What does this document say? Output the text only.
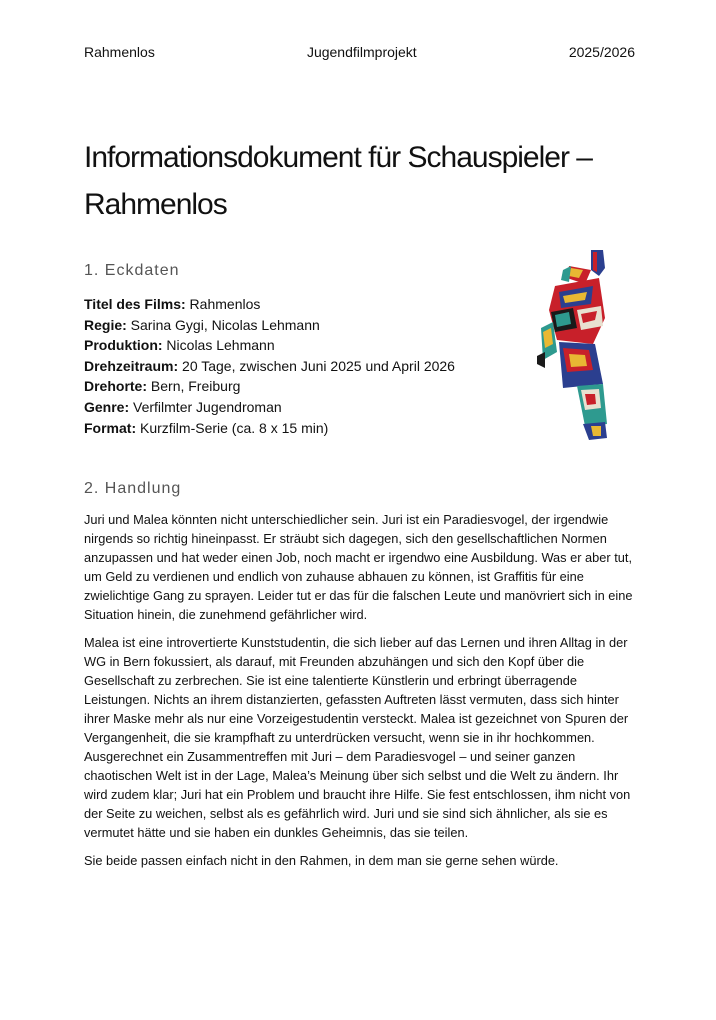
Rahmenlos	Jugendfilmprojekt	2025/2026
Informationsdokument für Schauspieler – Rahmenlos
1. Eckdaten
Titel des Films: Rahmenlos
Regie: Sarina Gygi, Nicolas Lehmann
Produktion: Nicolas Lehmann
Drehzeitraum: 20 Tage, zwischen Juni 2025 und April 2026
Drehorte: Bern, Freiburg
Genre: Verfilmter Jugendroman
Format: Kurzfilm-Serie (ca. 8 x 15 min)
2. Handlung

Juri und Malea könnten nicht unterschiedlicher sein. Juri ist ein Paradiesvogel, der irgendwie nirgends so richtig hineinpasst. Er sträubt sich dagegen, sich den gesellschaftlichen Normen anzupassen und hat weder einen Job, noch macht er irgendwo eine Ausbildung. Was er aber tut, um Geld zu verdienen und endlich von zuhause abhauen zu können, ist Graffitis für eine zwielichtige Gang zu sprayen. Leider tut er das für die falschen Leute und manövriert sich in eine Situation hinein, die zunehmend gefährlicher wird.

Malea ist eine introvertierte Kunststudentin, die sich lieber auf das Lernen und ihren Alltag in der WG in Bern fokussiert, als darauf, mit Freunden abzuhängen und sich den Kopf über die Gesellschaft zu zerbrechen. Sie ist eine talentierte Künstlerin und erbringt überragende Leistungen. Nichts an ihrem distanzierten, gefassten Auftreten lässt vermuten, dass sich hinter ihrer Maske mehr als nur eine Vorzeigestudentin versteckt. Malea ist gezeichnet von Spuren der Vergangenheit, die sie krampfhaft zu unterdrücken versucht, wenn sie in ihr hochkommen. Ausgerechnet ein Zusammentreffen mit Juri – dem Paradiesvogel – und seiner ganzen chaotischen Welt ist in der Lage, Malea’s Meinung über sich selbst und die Welt zu ändern. Ihr wird zudem klar; Juri hat ein Problem und braucht ihre Hilfe. Sie fest entschlossen, ihm nicht von der Seite zu weichen, selbst als es gefährlich wird. Juri und sie sind sich ähnlicher, als sie es vermutet hätte und sie haben ein dunkles Geheimnis, das sie teilen.

Sie beide passen einfach nicht in den Rahmen, in dem man sie gerne sehen würde.
